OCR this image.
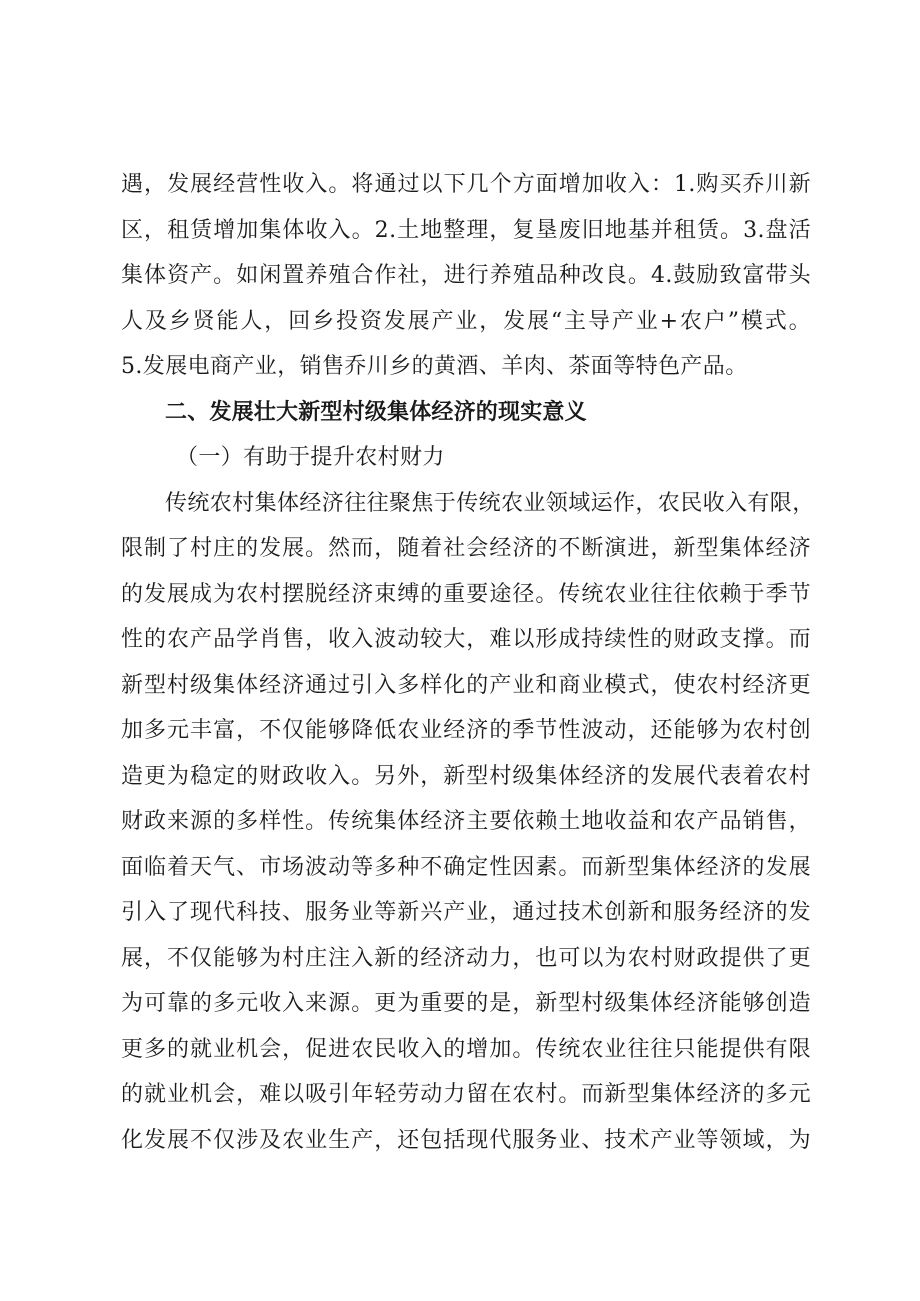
遇，发展经营性收入。将通过以下几个方面增加收入：1.购买乔川新
区，租赁增加集体收入。2.土地整理，复垦废旧地基并租赁。3.盘活
集体资产。如闲置养殖合作社，进行养殖品种改良。4.鼓励致富带头
人及乡贤能人，回乡投资发展产业，发展“主导产业+农户”模式。
5.发展电商产业，销售乔川乡的黄酒、羊肉、茶面等特色产品。
二、发展壮大新型村级集体经济的现实意义
（一）有助于提升农村财力
传统农村集体经济往往聚焦于传统农业领域运作，农民收入有限，
限制了村庄的发展。然而，随着社会经济的不断演进，新型集体经济
的发展成为农村摆脱经济束缚的重要途径。传统农业往往依赖于季节
性的农产品学肖售，收入波动较大，难以形成持续性的财政支撑。而
新型村级集体经济通过引入多样化的产业和商业模式，使农村经济更
加多元丰富，不仅能够降低农业经济的季节性波动，还能够为农村创
造更为稳定的财政收入。另外，新型村级集体经济的发展代表着农村
财政来源的多样性。传统集体经济主要依赖土地收益和农产品销售，
面临着天气、市场波动等多种不确定性因素。而新型集体经济的发展
引入了现代科技、服务业等新兴产业，通过技术创新和服务经济的发
展，不仅能够为村庄注入新的经济动力，也可以为农村财政提供了更
为可靠的多元收入来源。更为重要的是，新型村级集体经济能够创造
更多的就业机会，促进农民收入的增加。传统农业往往只能提供有限
的就业机会，难以吸引年轻劳动力留在农村。而新型集体经济的多元
化发展不仅涉及农业生产，还包括现代服务业、技术产业等领域，为
